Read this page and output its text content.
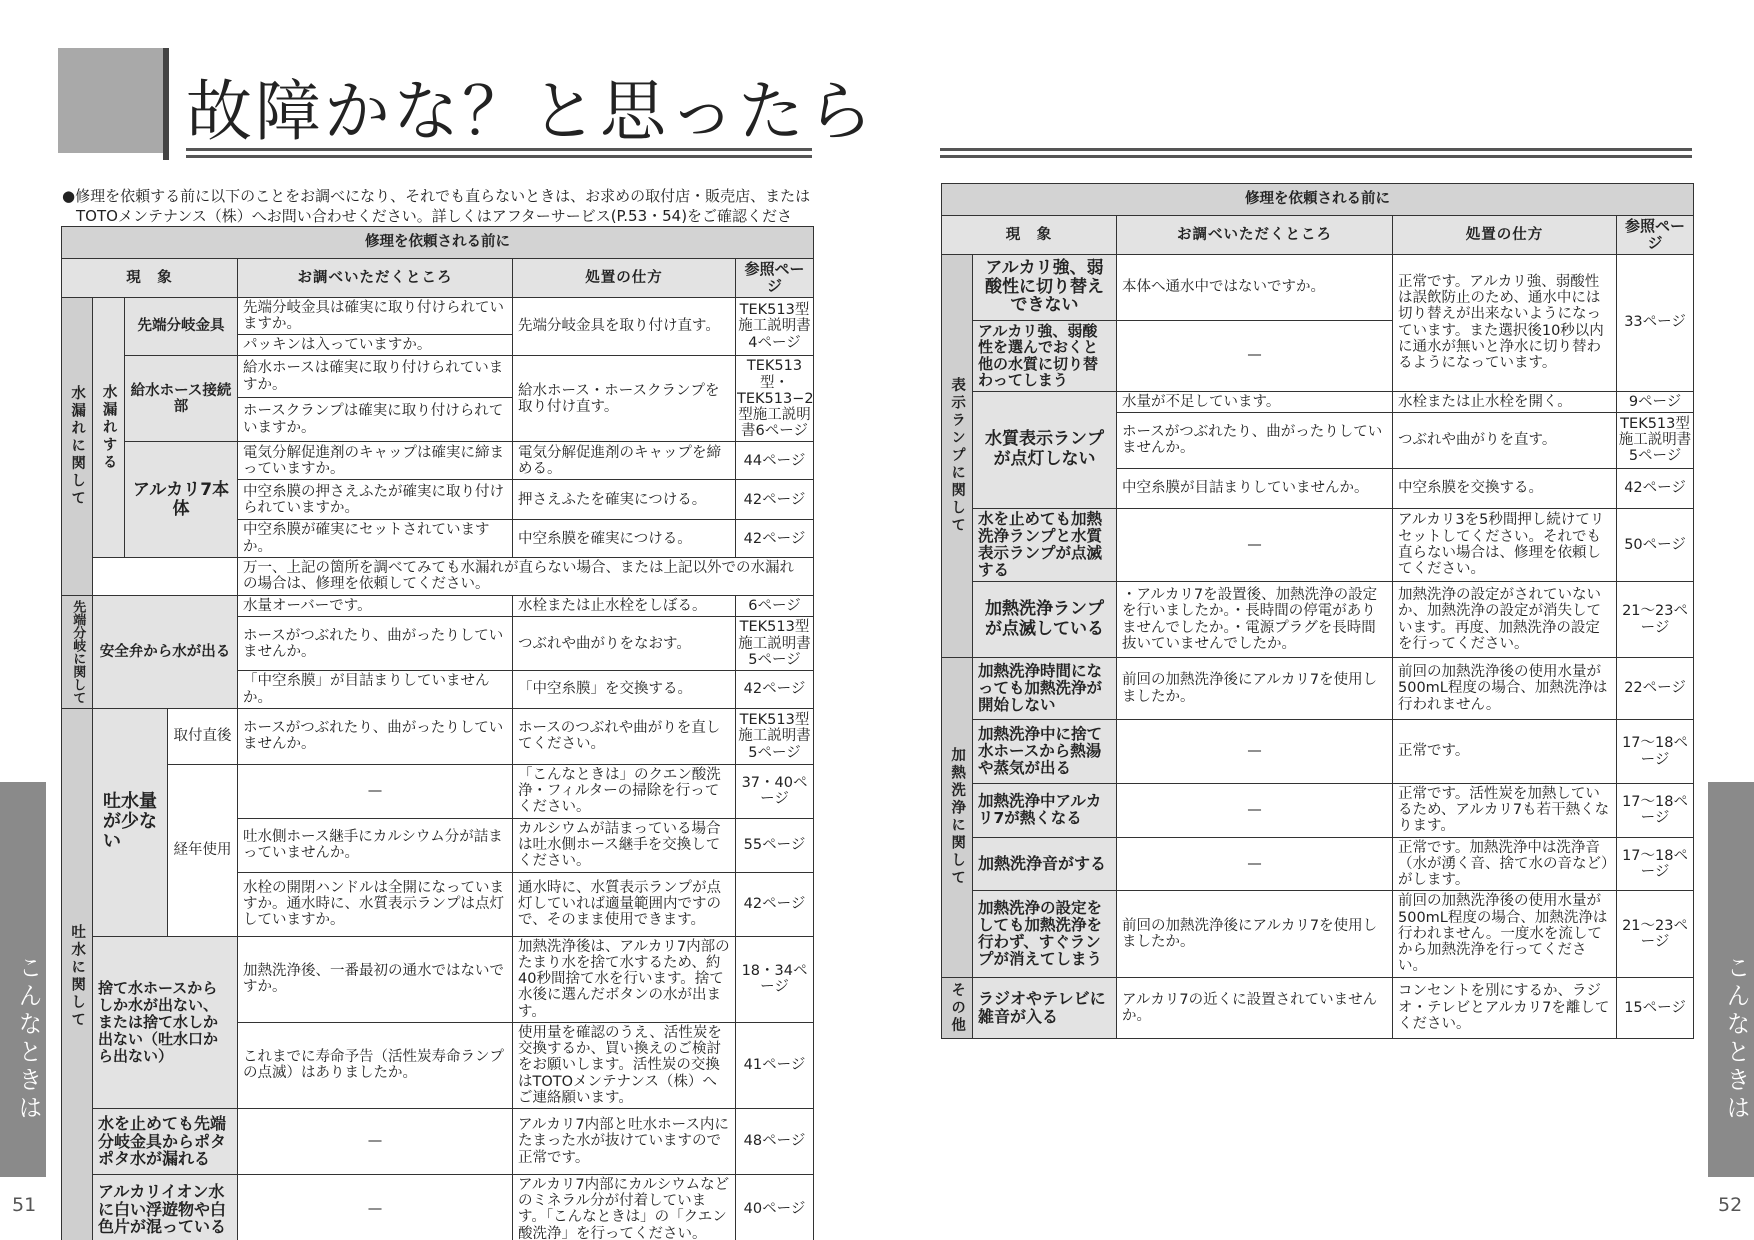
故障かな？と思ったら
●修理を依頼する前に以下のことをお調べになり、それでも直らないときは、お求めの取付店・販売店、または
TOTOメンテナンス（株）へお問い合わせください。詳しくはアフターサービス(P.53・54)をご確認くださ
修理を依頼される前に						
現　象				お調べいただくところ	処置の仕方	参照ページ
水漏れに関して	水漏れする	先端分岐金具		先端分岐金具は確実に取り付けられていますか。	先端分岐金具を取り付け直す。	TEK513型施工説明書4ページ
				パッキンは入っていますか。		
		給水ホース接続部		給水ホースは確実に取り付けられていますか。	給水ホース・ホースクランプを取り付け直す。	TEK513型・TEK513−2型施工説明書6ページ
				ホースクランプは確実に取り付けられていますか。		
		アルカリ7本体		電気分解促進剤のキャップは確実に締まっていますか。	電気分解促進剤のキャップを締める。	44ページ
				中空糸膜の押さえふたが確実に取り付けられていますか。	押さえふたを確実につける。	42ページ
				中空糸膜が確実にセットされていますか。	中空糸膜を確実につける。	42ページ
				万一、上記の箇所を調べてみても水漏れが直らない場合、または上記以外での水漏れの場合は、修理を依頼してください。		
先端分岐に関して	安全弁から水が出る			水量オーバーです。	水栓または止水栓をしぼる。	6ページ
				ホースがつぶれたり、曲がったりしていませんか。	つぶれや曲がりをなおす。	TEK513型施工説明書5ページ
				「中空糸膜」が目詰まりしていませんか。	「中空糸膜」を交換する。	42ページ
吐水に関して	吐水量が少ない		取付直後	ホースがつぶれたり、曲がったりしていませんか。	ホースのつぶれや曲がりを直してください。	TEK513型施工説明書5ページ
			経年使用	—	「こんなときは」のクエン酸洗浄・フィルターの掃除を行ってください。	37・40ページ
				吐水側ホース継手にカルシウム分が詰まっていませんか。	カルシウムが詰まっている場合は吐水側ホース継手を交換してください。	55ページ
				水栓の開閉ハンドルは全開になっていますか。通水時に、水質表示ランプは点灯していますか。	通水時に、水質表示ランプが点灯していれば適量範囲内ですので、そのまま使用できます。	42ページ
	捨て水ホースからしか水が出ない、または捨て水しか出ない（吐水口から出ない）			加熱洗浄後、一番最初の通水ではないですか。	加熱洗浄後は、アルカリ7内部のたまり水を捨て水するため、約40秒間捨て水を行います。捨て水後に選んだボタンの水が出ます。	18・34ページ
				これまでに寿命予告（活性炭寿命ランプの点滅）はありましたか。	使用量を確認のうえ、活性炭を交換するか、買い換えのご検討をお願いします。活性炭の交換はTOTOメンテナンス（株）へご連絡願います。	41ページ
	水を止めても先端分岐金具からポタポタ水が漏れる			—	アルカリ7内部と吐水ホース内にたまった水が抜けていますので正常です。	48ページ
	アルカリイオン水に白い浮遊物や白色片が混っている			—	アルカリ7内部にカルシウムなどのミネラル分が付着しています。「こんなときは」の「クエン酸洗浄」を行ってください。	40ページ
修理を依頼される前に				
現　象		お調べいただくところ	処置の仕方	参照ページ
表示ランプに関して	アルカリ強、弱酸性に切り替えできない	本体へ通水中ではないですか。	正常です。アルカリ強、弱酸性は誤飲防止のため、通水中には切り替えが出来ないようになっています。また選択後10秒以内に通水が無いと浄水に切り替わるようになっています。	33ページ
	アルカリ強、弱酸性を選んでおくと他の水質に切り替わってしまう	—		
	水質表示ランプが点灯しない	水量が不足しています。	水栓または止水栓を開く。	9ページ
		ホースがつぶれたり、曲がったりしていませんか。	つぶれや曲がりを直す。	TEK513型施工説明書5ページ
		中空糸膜が目詰まりしていませんか。	中空糸膜を交換する。	42ページ
	水を止めても加熱洗浄ランプと水質表示ランプが点滅する	—	アルカリ3を5秒間押し続けてリセットしてください。それでも直らない場合は、修理を依頼してください。	50ページ
	加熱洗浄ランプが点滅している	・アルカリ7を設置後、加熱洗浄の設定を行いましたか。・長時間の停電がありませんでしたか。・電源プラグを長時間抜いていませんでしたか。	加熱洗浄の設定がされていないか、加熱洗浄の設定が消失しています。再度、加熱洗浄の設定を行ってください。	21〜23ページ
加熱洗浄に関して	加熱洗浄時間になっても加熱洗浄が開始しない	前回の加熱洗浄後にアルカリ7を使用しましたか。	前回の加熱洗浄後の使用水量が500mL程度の場合、加熱洗浄は行われません。	22ページ
	加熱洗浄中に捨て水ホースから熱湯や蒸気が出る	—	正常です。	17〜18ページ
	加熱洗浄中アルカリ7が熱くなる	—	正常です。活性炭を加熱しているため、アルカリ7も若干熱くなります。	17〜18ページ
	加熱洗浄音がする	—	正常です。加熱洗浄中は洗浄音（水が湧く音、捨て水の音など）がします。	17〜18ページ
	加熱洗浄の設定をしても加熱洗浄を行わず、すぐランプが消えてしまう	前回の加熱洗浄後にアルカリ7を使用しましたか。	前回の加熱洗浄後の使用水量が500mL程度の場合、加熱洗浄は行われません。一度水を流してから加熱洗浄を行ってください。	21〜23ページ
その他	ラジオやテレビに雑音が入る	アルカリ7の近くに設置されていませんか。	コンセントを別にするか、ラジオ・テレビとアルカリ7を離してください。	15ページ
こんなときは	こんなときは
51	52
